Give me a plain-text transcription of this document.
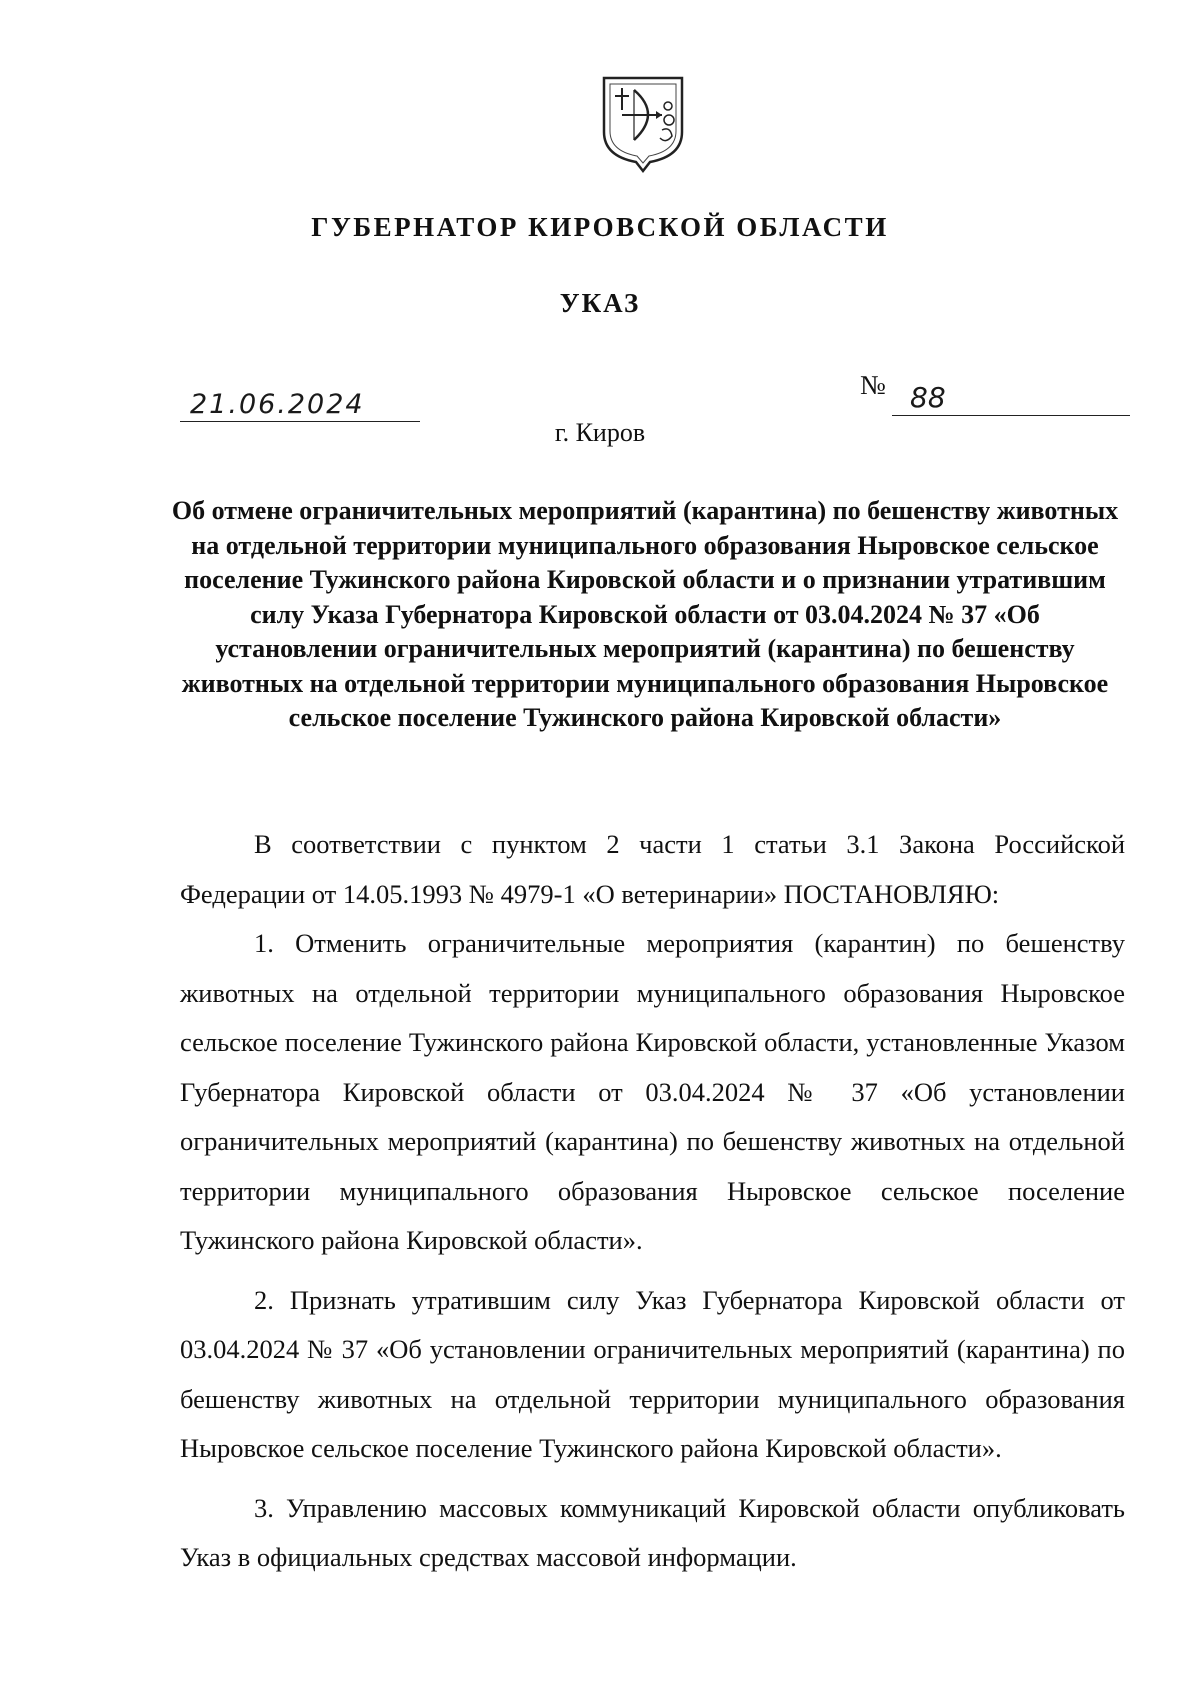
ГУБЕРНАТОР КИРОВСКОЙ ОБЛАСТИ
УКАЗ
21.06.2024
№ 88
г. Киров
Об отмене ограничительных мероприятий (карантина) по бешенству животных на отдельной территории муниципального образования Ныровское сельское поселение Тужинского района Кировской области и о признании утратившим силу Указа Губернатора Кировской области от 03.04.2024 № 37 «Об установлении ограничительных мероприятий (карантина) по бешенству животных на отдельной территории муниципального образования Ныровское сельское поселение Тужинского района Кировской области»

В соответствии с пунктом 2 части 1 статьи 3.1 Закона Российской Федерации от 14.05.1993 № 4979-1 «О ветеринарии» ПОСТАНОВЛЯЮ:

1. Отменить ограничительные мероприятия (карантин) по бешенству животных на отдельной территории муниципального образования Ныровское сельское поселение Тужинского района Кировской области, установленные Указом Губернатора Кировской области от 03.04.2024 № 37 «Об установлении ограничительных мероприятий (карантина) по бешенству животных на отдельной территории муниципального образования Ныровское сельское поселение Тужинского района Кировской области».

2. Признать утратившим силу Указ Губернатора Кировской области от 03.04.2024 № 37 «Об установлении ограничительных мероприятий (карантина) по бешенству животных на отдельной территории муниципального образования Ныровское сельское поселение Тужинского района Кировской области».

3. Управлению массовых коммуникаций Кировской области опубликовать Указ в официальных средствах массовой информации.
